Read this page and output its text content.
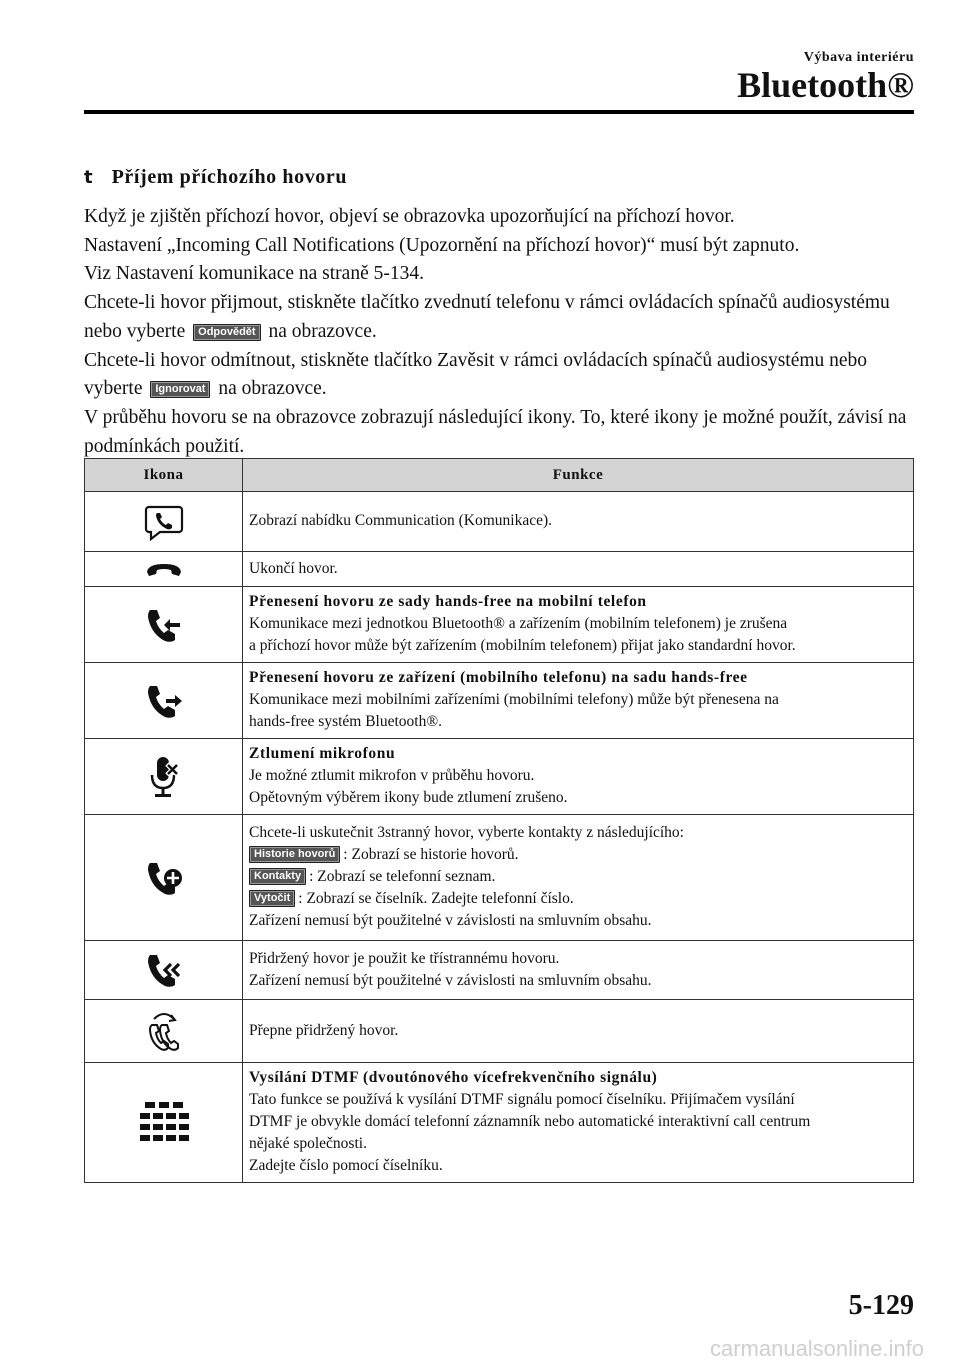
Výbava interiéru
Bluetooth®
t Příjem příchozího hovoru

Když je zjištěn příchozí hovor, objeví se obrazovka upozorňující na příchozí hovor.

Nastavení „Incoming Call Notifications (Upozornění na příchozí hovor)“ musí být zapnuto.

Viz Nastavení komunikace na straně 5-134.

Chcete-li hovor přijmout, stiskněte tlačítko zvednutí telefonu v rámci ovládacích spínačů audiosystému nebo vyberte Odpovědět na obrazovce.

Chcete-li hovor odmítnout, stiskněte tlačítko Zavěsit v rámci ovládacích spínačů audiosystému nebo vyberte Ignorovat na obrazovce.

V průběhu hovoru se na obrazovce zobrazují následující ikony. To, které ikony je možné použít, závisí na podmínkách použití.

Ikona	Funkce

Zobrazí nabídku Communication (Komunikace).

Ukončí hovor.

Přenesení hovoru ze sady hands-free na mobilní telefon
Komunikace mezi jednotkou Bluetooth® a zařízením (mobilním telefonem) je zrušena
a příchozí hovor může být zařízením (mobilním telefonem) přijat jako standardní hovor.

Přenesení hovoru ze zařízení (mobilního telefonu) na sadu hands-free
Komunikace mezi mobilními zařízeními (mobilními telefony) může být přenesena na
hands-free systém Bluetooth®.

Ztlumení mikrofonu
Je možné ztlumit mikrofon v průběhu hovoru.
Opětovným výběrem ikony bude ztlumení zrušeno.

Chcete-li uskutečnit 3stranný hovor, vyberte kontakty z následujícího:
Historie hovorů : Zobrazí se historie hovorů.
Kontakty : Zobrazí se telefonní seznam.
Vytočit : Zobrazí se číselník. Zadejte telefonní číslo.
Zařízení nemusí být použitelné v závislosti na smluvním obsahu.

Přidržený hovor je použit ke třístrannému hovoru.
Zařízení nemusí být použitelné v závislosti na smluvním obsahu.

Přepne přidržený hovor.

Vysílání DTMF (dvoutónového vícefrekvenčního signálu)
Tato funkce se používá k vysílání DTMF signálu pomocí číselníku. Přijímačem vysílání
DTMF je obvykle domácí telefonní záznamník nebo automatické interaktivní call centrum
nějaké společnosti.
Zadejte číslo pomocí číselníku.
5-129
carmanualsonline.info
